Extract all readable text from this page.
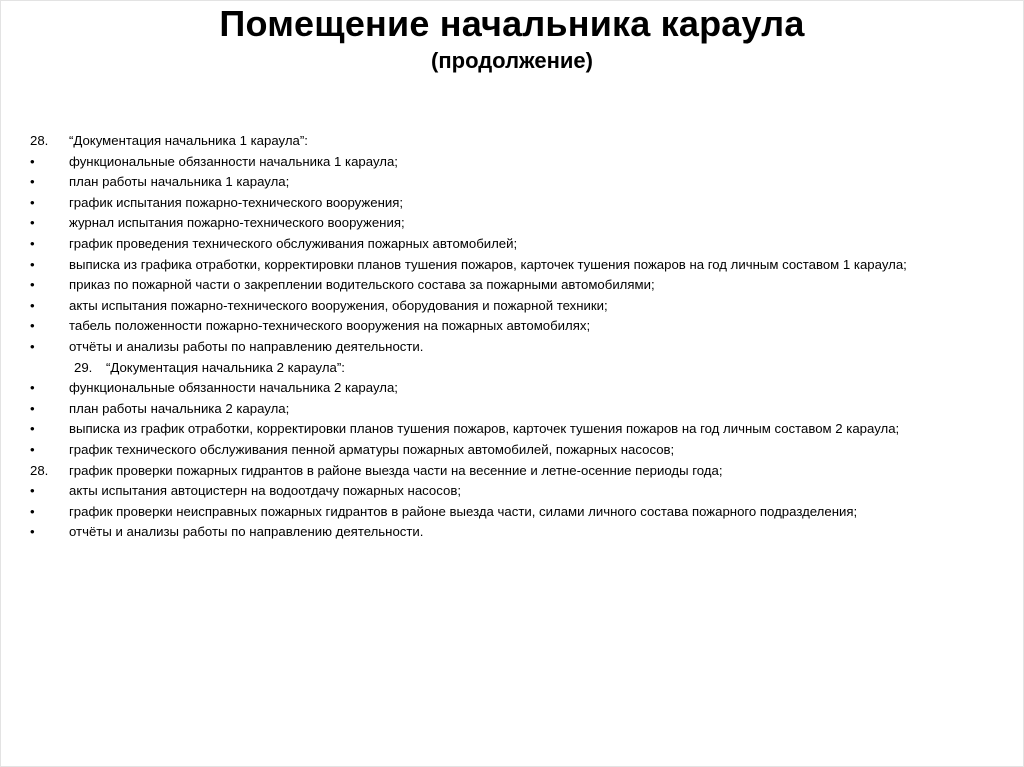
Помещение начальника караула
(продолжение)
28. “Документация начальника 1 караула”:
•	функциональные обязанности начальника 1 караула;
•	план работы начальника 1 караула;
•	график испытания пожарно-технического вооружения;
•	журнал испытания пожарно-технического вооружения;
•	график проведения технического обслуживания пожарных автомобилей;
•	выписка из графика отработки, корректировки планов тушения пожаров, карточек тушения пожаров на год личным составом 1 караула;
•	приказ по пожарной части о закреплении водительского состава за пожарными автомобилями;
•	акты испытания пожарно-технического вооружения, оборудования и пожарной техники;
•	табель положенности пожарно-технического вооружения на пожарных автомобилях;
•	отчёты и анализы работы по направлению деятельности.
29. “Документация начальника 2 караула”:
•	функциональные обязанности начальника 2 караула;
•	план работы начальника 2 караула;
•	выписка из график отработки, корректировки планов тушения пожаров, карточек тушения пожаров на год личным составом 2 караула;
•	график технического обслуживания пенной арматуры пожарных автомобилей, пожарных насосов;
28. график проверки пожарных гидрантов в районе выезда части на весенние и летне-осенние периоды года;
•	акты испытания автоцистерн на водоотдачу пожарных насосов;
•	график проверки неисправных пожарных гидрантов в районе выезда части, силами личного состава пожарного подразделения;
•	отчёты и анализы работы по направлению деятельности.
